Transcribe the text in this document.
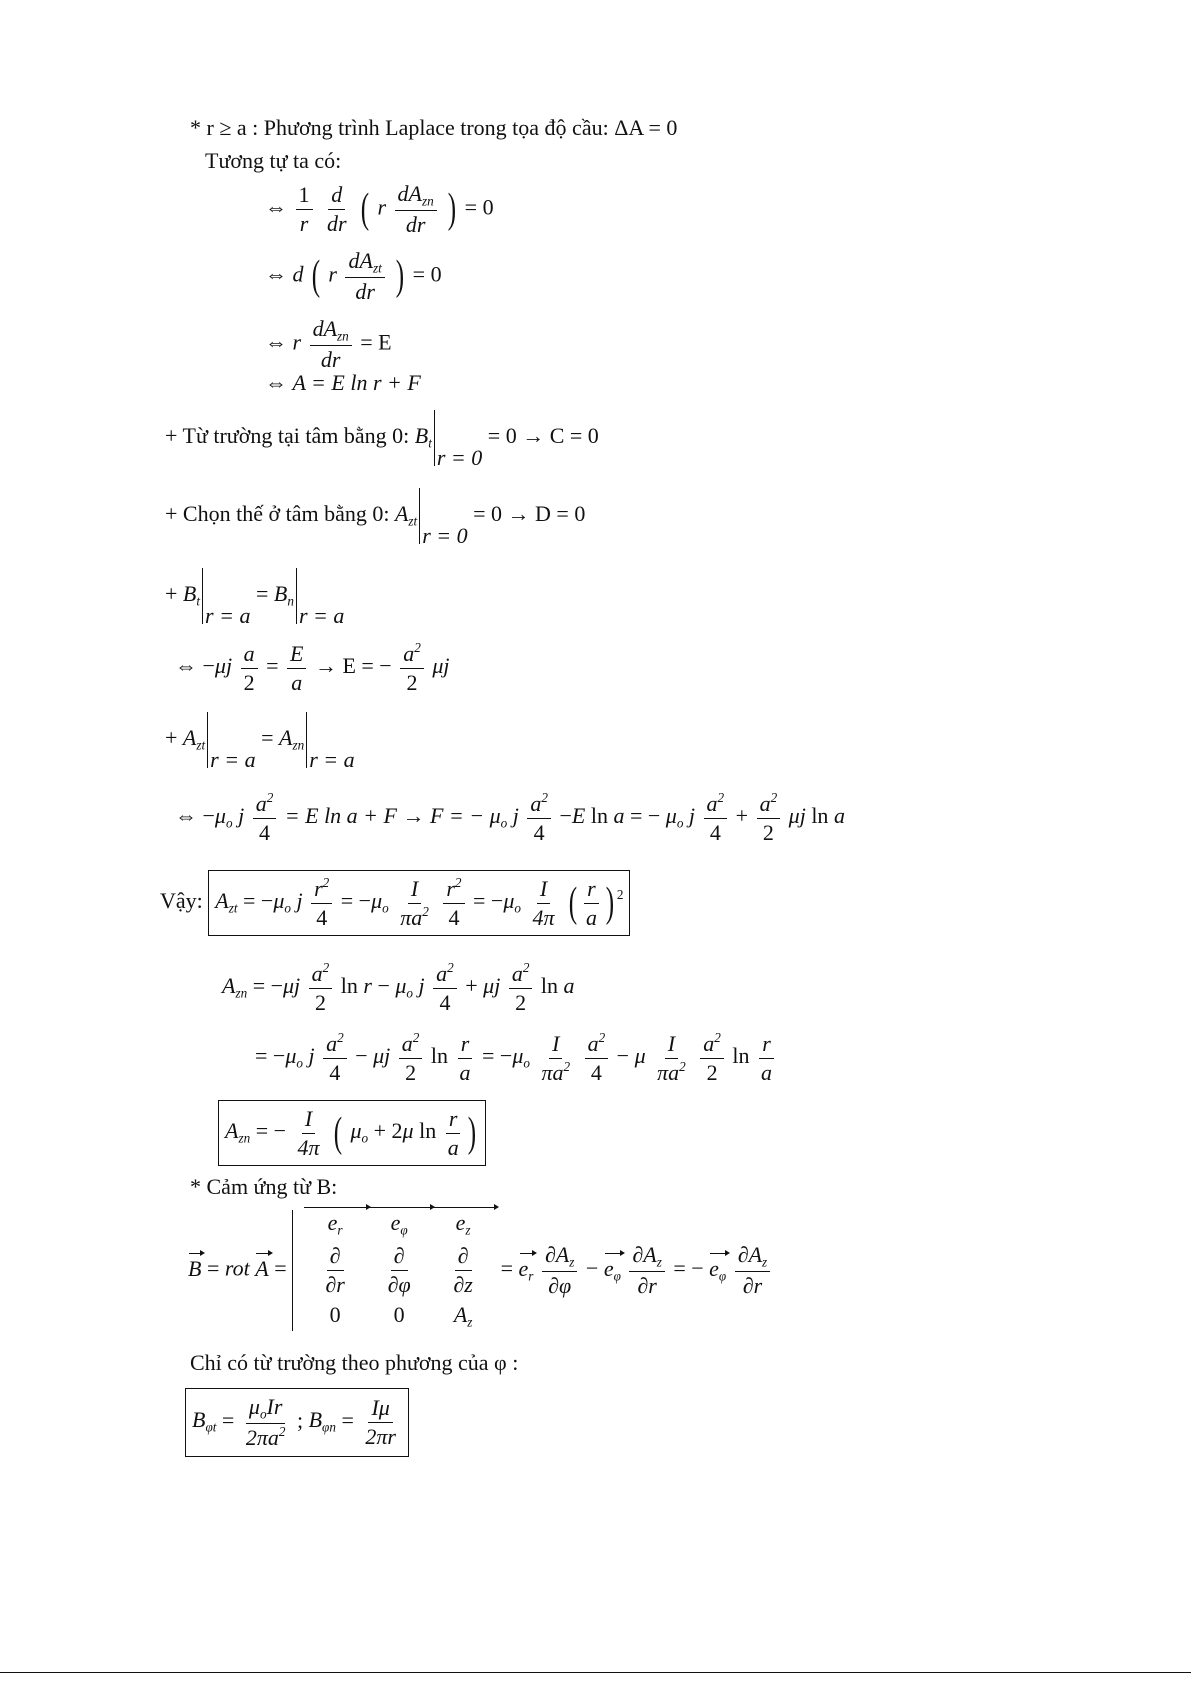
* r ≥ a : Phương trình Laplace trong tọa độ cầu: ΔA = 0
Tương tự ta có:
⇔ $\frac{1}{r}$
$\frac{d}{dr}$ ( r $\frac{dA_{zn}}{dr}$ ) = 0
⇔ d ( r $\frac{dA_{zt}}{dr}$ ) = 0
⇔ r $\frac{dA_{zn}}{dr} = E$
⇔ A = E ln r + F
+ Từ trường tại tâm bằng 0: $B_tr = 0 = 0 \to C = 0$
+ Chọn thế ở tâm bằng 0: $A_{zt}r = 0 = 0 \to D = 0$
+ $B_tr = a = B_nr = a$
⇔ $-\mu j \frac{a}{2} = \frac{E}{a} \to E$ = − $\frac{a^2}{2}$ μj
+ $A_{zt}r = a = A_{zn}r = a$
⇔ $-\mu_o$ j $\frac{a^2}{4} = E$ ln a + F → F = − $\mu_o$ j $\frac{a^2}{4} -E$ ln a = − $\mu_o$ j $\frac{a^2}{4} + \frac{a^2}{2}$ μj ln a
Vậy: $A_{zt} = -\mu_o$ j $\frac{r^2}{4} = -\mu_o \frac{I}{\pi a^2}$
$\frac{r^2}{4} = -\mu_o \frac{I}{4\pi}$ ( $\frac{r}{a}$ ) $^2$
$A_{zn} = -\mu j \frac{a^2}{2}$ $\ln r - \mu_o$ j $\frac{a^2}{4} + \mu j \frac{a^2}{2}$ ln a
= $-\mu_o$ j $\frac{a^2}{4} - \mu j \frac{a^2}{2}$ $\ln \frac{r}{a} = -\mu_o \frac{I}{\pi a^2}$
$\frac{a^2}{4} - \mu \frac{I}{\pi a^2}$
$\frac{a^2}{2}$ $\ln \frac{r}{a}$
$A_{zn}$ = − $\frac{I}{4\pi}$ ( $\mu_o + 2\mu$ $\ln \frac{r}{a}$ )
* Cảm ứng từ B:
B = rot A =
$e_r$	$e_\varphi$	$e_z$
$\frac{\partial}{\partial r} \frac{\partial}{\partial\varphi} \frac{\partial}{\partial z}$
0	0	$A_z$
= $e_r \frac{\partial A_z}{\partial\varphi} - e_\varphi \frac{\partial A_z}{\partial r}$ = − $e_\varphi \frac{\partial A_z}{\partial r}$
Chỉ có từ trường theo phương của φ :
$B_{\varphi t} = \frac{\mu_oIr}{2\pi a^2}$ ; $B_{\varphi n} = \frac{I\mu}{2\pi r}$
